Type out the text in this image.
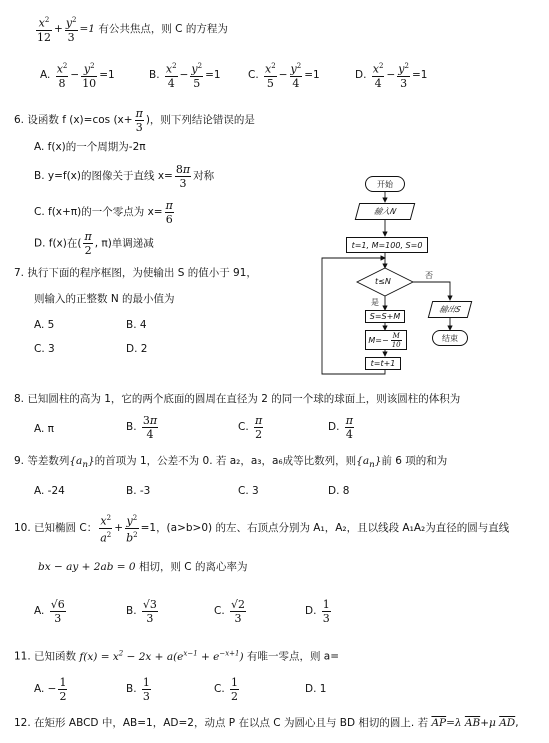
$\frac{x^2}{12} + \frac{y^2}{3} =1$ 有公共焦点，则 C 的方程为
A. $\frac{x^2}{8} - \frac{y^2}{10} =1$	B. $\frac{x^2}{4} - \frac{y^2}{5} =1$	C. $\frac{x^2}{5} - \frac{y^2}{4} =1$	D. $\frac{x^2}{4} - \frac{y^2}{3} =1$
6. 设函数 f (x)=cos ($x+ \frac{\pi}{3}$ )，则下列结论错误的是
A. f(x)的一个周期为-2π
B. y=f(x)的图像关于直线 $x= \frac{8\pi}{3}$ 对称
C. f(x+π)的一个零点为 $x= \frac{\pi}{6}$
D. f(x)在( $\frac{\pi}{2}$ , π)单调递减
7. 执行下面的程序框图，为使输出 S 的值小于 91，
则输入的正整数 N 的最小值为
A. 5	B. 4
C. 3	D. 2
开始
输入N
t=1, M=100, S=0
t≤N
是
否
S=S+M
$M=- \frac{M}{10}$
t=t+1
输出S
结束
8. 已知圆柱的高为 1，它的两个底面的圆周在直径为 2 的同一个球的球面上，则该圆柱的体积为
A. π	B. $\frac{3\pi}{4}$	C. $\frac{\pi}{2}$	D. $\frac{\pi}{4}$
9. 等差数列$\{a_n\}$的首项为 1，公差不为 0. 若 a₂，a₃，a₆成等比数列，则$\{a_n\}$前 6 项的和为
A. -24	B. -3	C. 3	D. 8
10. 已知椭圆 C： $\frac{x^2}{a^2} + \frac{y^2}{b^2} =1$，(a>b>0) 的左、右顶点分别为 A₁，A₂，且以线段 A₁A₂为直径的圆与直线
bx − ay + 2ab = 0 相切，则 C 的离心率为
A. $\frac{√6}{3}$	B. $\frac{√3}{3}$	C. $\frac{√2}{3}$	D. $\frac{1}{3}$
11. 已知函数 $f(x) = x^2 - 2x + a(e^{x-1} + e^{-x+1})$ 有唯一零点，则 a=
A. − $\frac{1}{2}$	B. $\frac{1}{3}$	C. $\frac{1}{2}$	D. 1
12. 在矩形 ABCD 中，AB=1，AD=2，动点 P 在以点 C 为圆心且与 BD 相切的圆上. 若 $\overline{AP}=\lambda$ $\overline{AB}+\mu$ $\overline{AD}$,
